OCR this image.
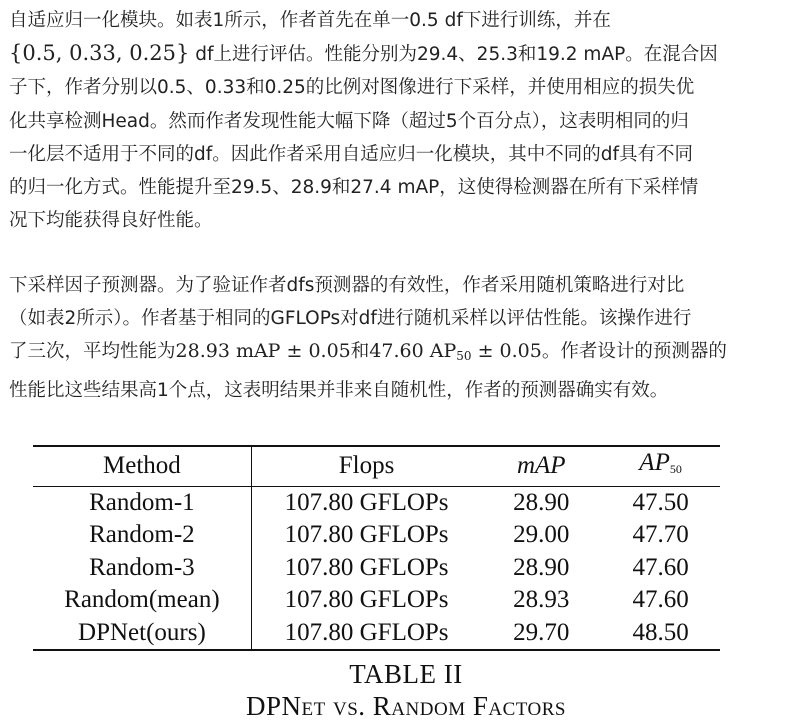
自适应归一化模块。如表1所示，作者首先在单一0.5 df下进行训练，并在
{0.5, 0.33, 0.25} df上进行评估。性能分别为29.4、25.3和19.2 mAP。在混合因
子下，作者分别以0.5、0.33和0.25的比例对图像进行下采样，并使用相应的损失优
化共享检测Head。然而作者发现性能大幅下降（超过5个百分点），这表明相同的归
一化层不适用于不同的df。因此作者采用自适应归一化模块，其中不同的df具有不同
的归一化方式。性能提升至29.5、28.9和27.4 mAP，这使得检测器在所有下采样情
况下均能获得良好性能。
下采样因子预测器。为了验证作者dfs预测器的有效性，作者采用随机策略进行对比
（如表2所示）。作者基于相同的GFLOPs对df进行随机采样以评估性能。该操作进行
了三次，平均性能为28.93 mAP ± 0.05和47.60 $AP_{50} \pm 0.05$。作者设计的预测器的
性能比这些结果高1个点，这表明结果并非来自随机性，作者的预测器确实有效。
Method	Flops	mAP	$AP_{50}$
Random-1	107.80 GFLOPs	28.90	47.50
Random-2	107.80 GFLOPs	29.00	47.70
Random-3	107.80 GFLOPs	28.90	47.60
Random(mean)	107.80 GFLOPs	28.93	47.60
DPNet(ours)	107.80 GFLOPs	29.70	48.50
TABLE II
DPNet vs. Random Factors
